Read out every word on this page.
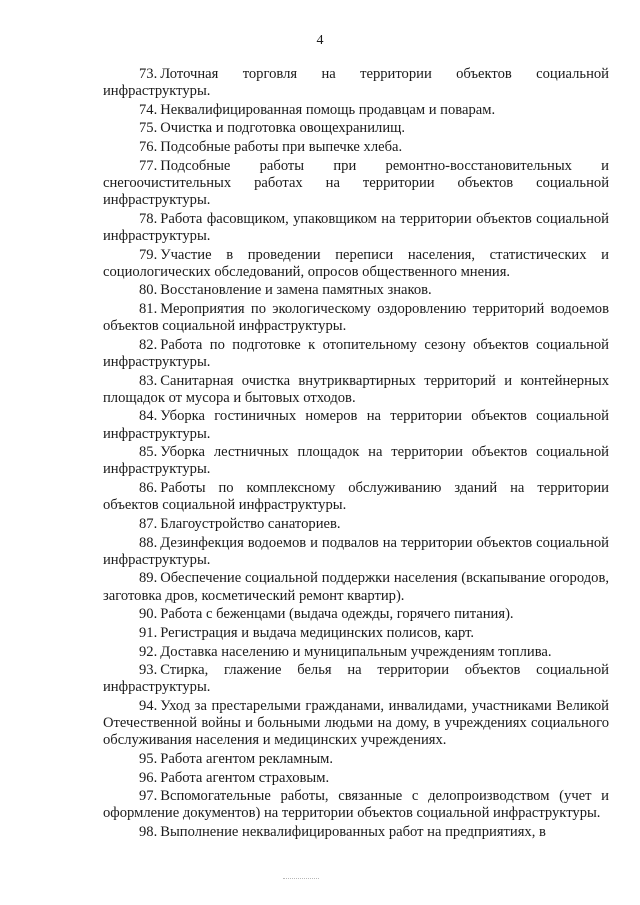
4

73. Лоточная торговля на территории объектов социальной инфраструктуры.

74. Неквалифицированная помощь продавцам и поварам.

75. Очистка и подготовка овощехранилищ.

76. Подсобные работы при выпечке хлеба.

77. Подсобные работы при ремонтно-восстановительных и снегоочистительных работах на территории объектов социальной инфраструктуры.

78. Работа фасовщиком, упаковщиком на территории объектов социальной инфраструктуры.

79. Участие в проведении переписи населения, статистических и социологических обследований, опросов общественного мнения.

80. Восстановление и замена памятных знаков.

81. Мероприятия по экологическому оздоровлению территорий водоемов объектов социальной инфраструктуры.

82. Работа по подготовке к отопительному сезону объектов социальной инфраструктуры.

83. Санитарная очистка внутриквартирных территорий и контейнерных площадок от мусора и бытовых отходов.

84. Уборка гостиничных номеров на территории объектов социальной инфраструктуры.

85. Уборка лестничных площадок на территории объектов социальной инфраструктуры.

86. Работы по комплексному обслуживанию зданий на территории объектов социальной инфраструктуры.

87. Благоустройство санаториев.

88. Дезинфекция водоемов и подвалов на территории объектов социальной инфраструктуры.

89. Обеспечение социальной поддержки населения (вскапывание огородов, заготовка дров, косметический ремонт квартир).

90. Работа с беженцами (выдача одежды, горячего питания).

91. Регистрация и выдача медицинских полисов, карт.

92. Доставка населению и муниципальным учреждениям топлива.

93. Стирка, глажение белья на территории объектов социальной инфраструктуры.

94. Уход за престарелыми гражданами, инвалидами, участниками Великой Отечественной войны и больными людьми на дому, в учреждениях социального обслуживания населения и медицинских учреждениях.

95. Работа агентом рекламным.

96. Работа агентом страховым.

97. Вспомогательные работы, связанные с делопроизводством (учет и оформление документов) на территории объектов социальной инфраструктуры.

98. Выполнение неквалифицированных работ на предприятиях, в
